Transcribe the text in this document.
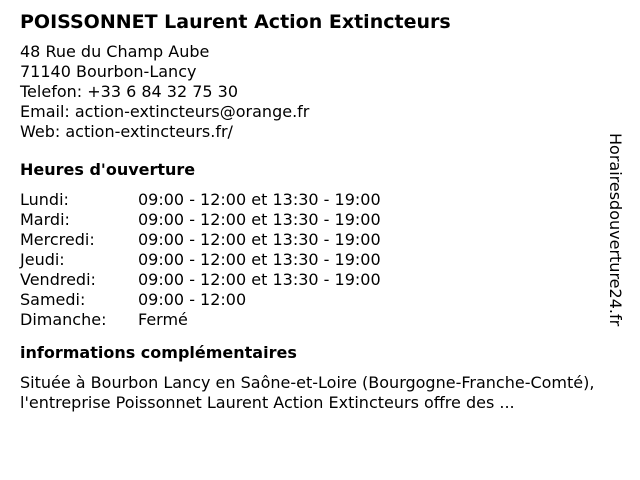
POISSONNET Laurent Action Extincteurs
48 Rue du Champ Aube
71140 Bourbon-Lancy
Telefon: +33 6 84 32 75 30
Email: action-extincteurs@orange.fr
Web: action-extincteurs.fr/
Heures d'ouverture
Lundi:	09:00 - 12:00 et 13:30 - 19:00
Mardi:	09:00 - 12:00 et 13:30 - 19:00
Mercredi:	09:00 - 12:00 et 13:30 - 19:00
Jeudi:	09:00 - 12:00 et 13:30 - 19:00
Vendredi:	09:00 - 12:00 et 13:30 - 19:00
Samedi:	09:00 - 12:00
Dimanche:	Fermé
informations complémentaires
Située à Bourbon Lancy en Saône-et-Loire (Bourgogne-Franche-Comté), l'entreprise Poissonnet Laurent Action Extincteurs offre des ...
Horairesdouverture24.fr
